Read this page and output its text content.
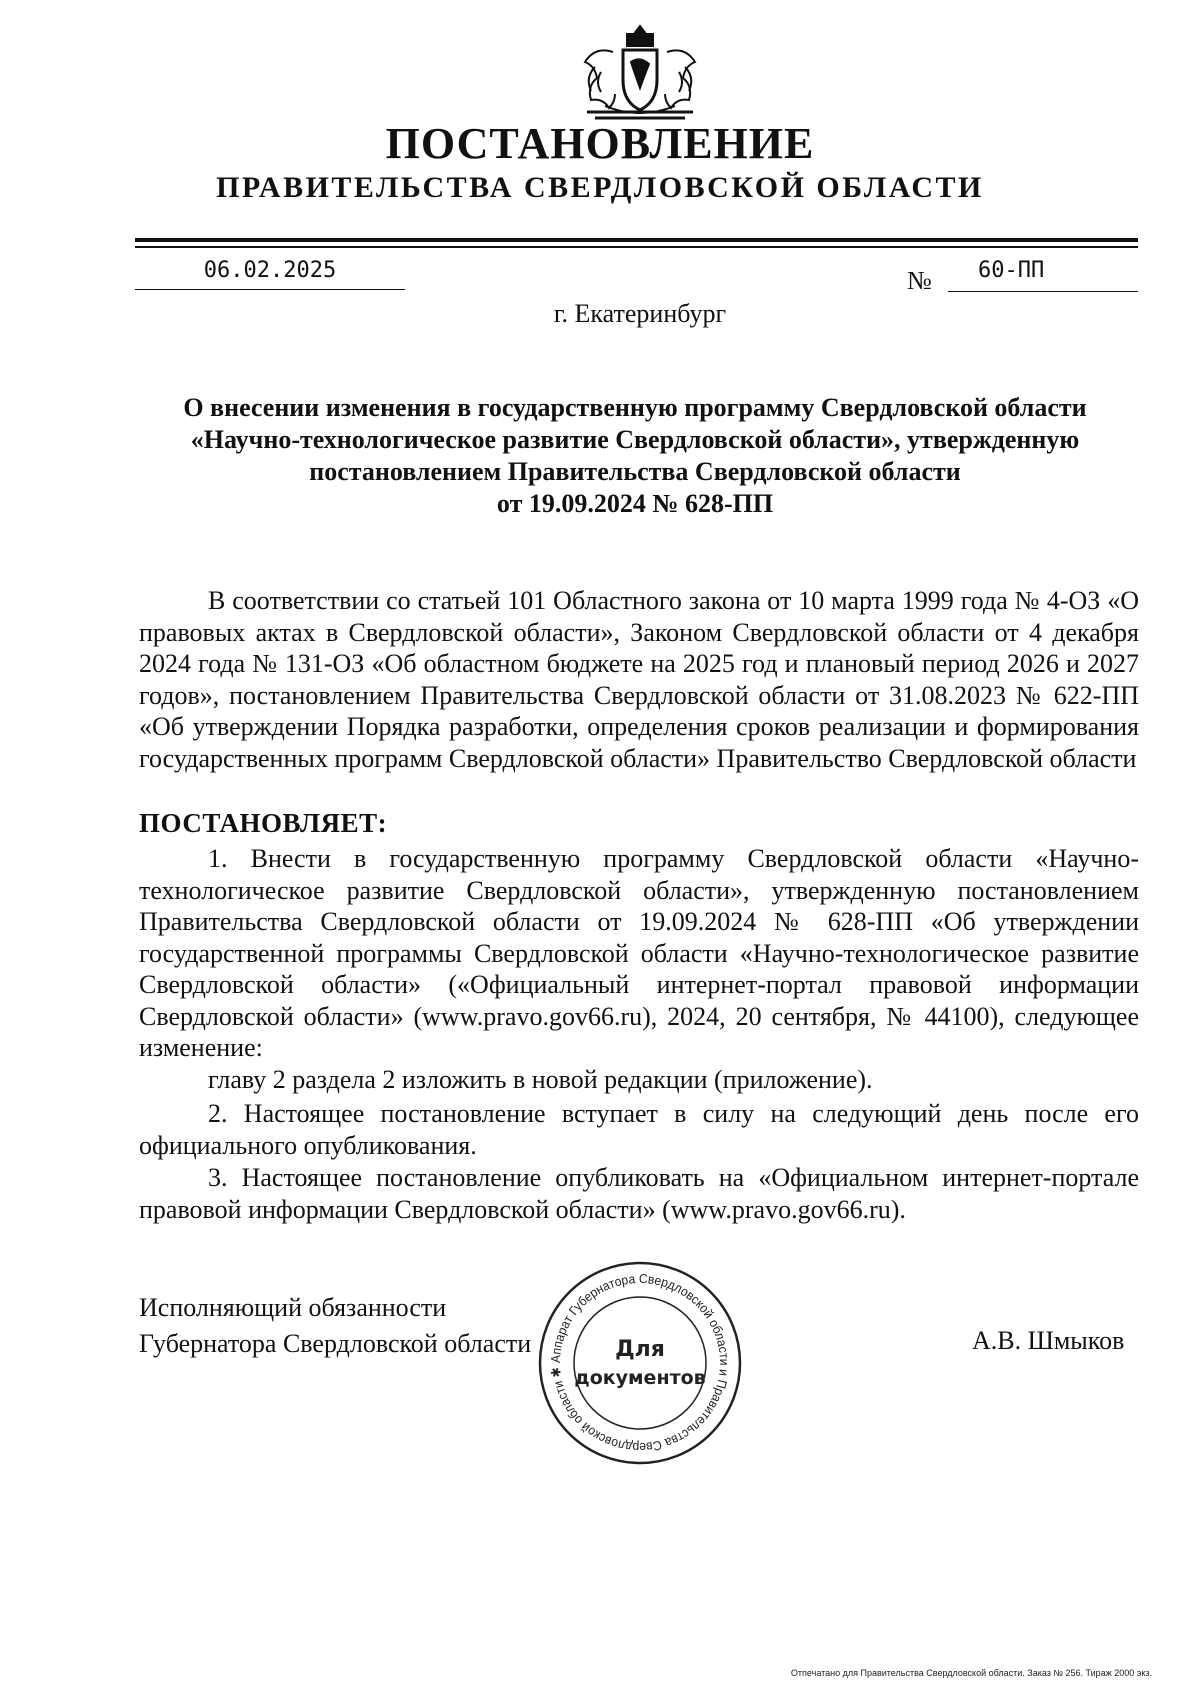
ПОСТАНОВЛЕНИЕ
ПРАВИТЕЛЬСТВА СВЕРДЛОВСКОЙ ОБЛАСТИ
06.02.2025	№	60-ПП
г. Екатеринбург
О внесении изменения в государственную программу Свердловской области
«Научно-технологическое развитие Свердловской области», утвержденную
постановлением Правительства Свердловской области
от 19.09.2024 № 628-ПП
В соответствии со статьей 101 Областного закона от 10 марта 1999 года № 4-ОЗ «О правовых актах в Свердловской области», Законом Свердловской области от 4 декабря 2024 года № 131-ОЗ «Об областном бюджете на 2025 год и плановый период 2026 и 2027 годов», постановлением Правительства Свердловской области от 31.08.2023 № 622-ПП «Об утверждении Порядка разработки, определения сроков реализации и формирования государственных программ Свердловской области» Правительство Свердловской области
ПОСТАНОВЛЯЕТ:
1. Внести в государственную программу Свердловской области «Научно-технологическое развитие Свердловской области», утвержденную постановлением Правительства Свердловской области от 19.09.2024 № 628-ПП «Об утверждении государственной программы Свердловской области «Научно-технологическое развитие Свердловской области» («Официальный интернет-портал правовой информации Свердловской области» (www.pravo.gov66.ru), 2024, 20 сентября, № 44100), следующее изменение:
главу 2 раздела 2 изложить в новой редакции (приложение).
2. Настоящее постановление вступает в силу на следующий день после его официального опубликования.
3. Настоящее постановление опубликовать на «Официальном интернет-портале правовой информации Свердловской области» (www.pravo.gov66.ru).
Исполняющий обязанности
Губернатора Свердловской области	А.В. Шмыков
Аппарат Губернатора Свердловской области и Правительства Свердловской области ✱
Для
документов
Отпечатано для Правительства Свердловской области. Заказ № 256. Тираж 2000 экз.
